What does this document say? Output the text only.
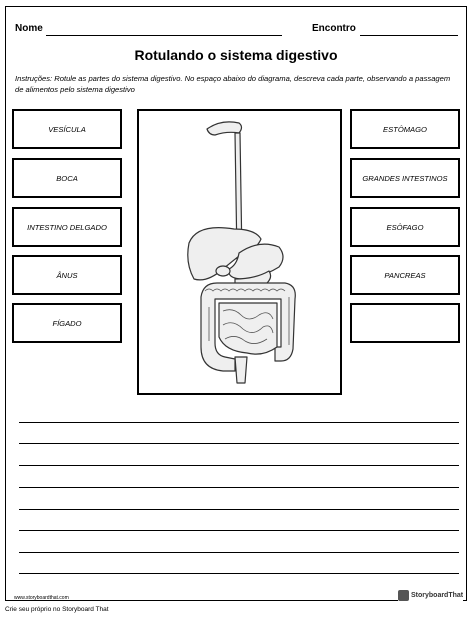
Nome	Encontro
Rotulando o sistema digestivo
Instruções: Rotule as partes do sistema digestivo. No espaço abaixo do diagrama, descreva cada parte, observando a passagem de alimentos pelo sistema digestivo
VESÍCULA
BOCA
INTESTINO DELGADO
ÂNUS
FÍGADO
ESTÔMAGO
GRANDES INTESTINOS
ESÔFAGO
PANCREAS
www.storyboardthat.com	StoryboardThat
Crie seu próprio no Storyboard That
